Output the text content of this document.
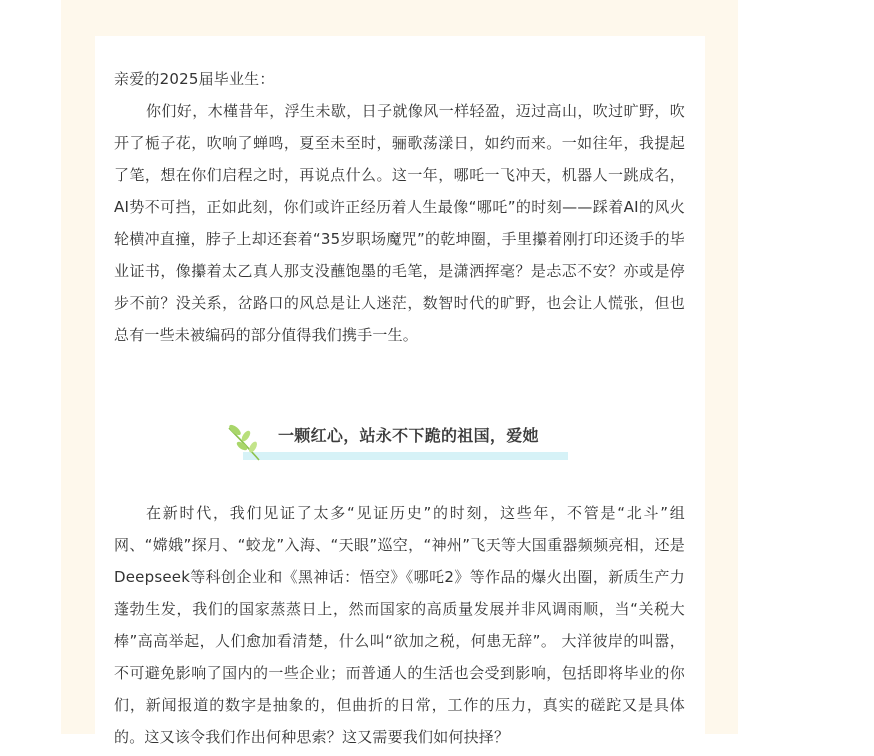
亲爱的2025届毕业生：

你们好，木槿昔年，浮生未歇，日子就像风一样轻盈，迈过高山，吹过旷野，吹开了栀子花，吹响了蝉鸣，夏至未至时，骊歌荡漾日，如约而来。一如往年，我提起了笔，想在你们启程之时，再说点什么。这一年，哪吒一飞冲天，机器人一跳成名，AI势不可挡，正如此刻，你们或许正经历着人生最像“哪吒”的时刻——踩着AI的风火轮横冲直撞，脖子上却还套着“35岁职场魔咒”的乾坤圈，手里攥着刚打印还烫手的毕业证书，像攥着太乙真人那支没蘸饱墨的毛笔，是潇洒挥毫？是忐忑不安？亦或是停步不前？没关系，岔路口的风总是让人迷茫，数智时代的旷野，也会让人慌张，但也总有一些未被编码的部分值得我们携手一生。

一颗红心，站永不下跪的祖国，爱她

在新时代，我们见证了太多“见证历史”的时刻，这些年，不管是“北斗”组网、“嫦娥”探月、“蛟龙”入海、“天眼”巡空，“神州”飞天等大国重器频频亮相，还是Deepseek等科创企业和《黑神话：悟空》《哪吒2》等作品的爆火出圈，新质生产力蓬勃生发，我们的国家蒸蒸日上，然而国家的高质量发展并非风调雨顺，当“关税大棒”高高举起，人们愈加看清楚，什么叫“欲加之税，何患无辞”。 大洋彼岸的叫嚣，不可避免影响了国内的一些企业；而普通人的生活也会受到影响，包括即将毕业的你们，新闻报道的数字是抽象的，但曲折的日常，工作的压力，真实的磋跎又是具体的。这又该令我们作出何种思索？这又需要我们如何抉择？
